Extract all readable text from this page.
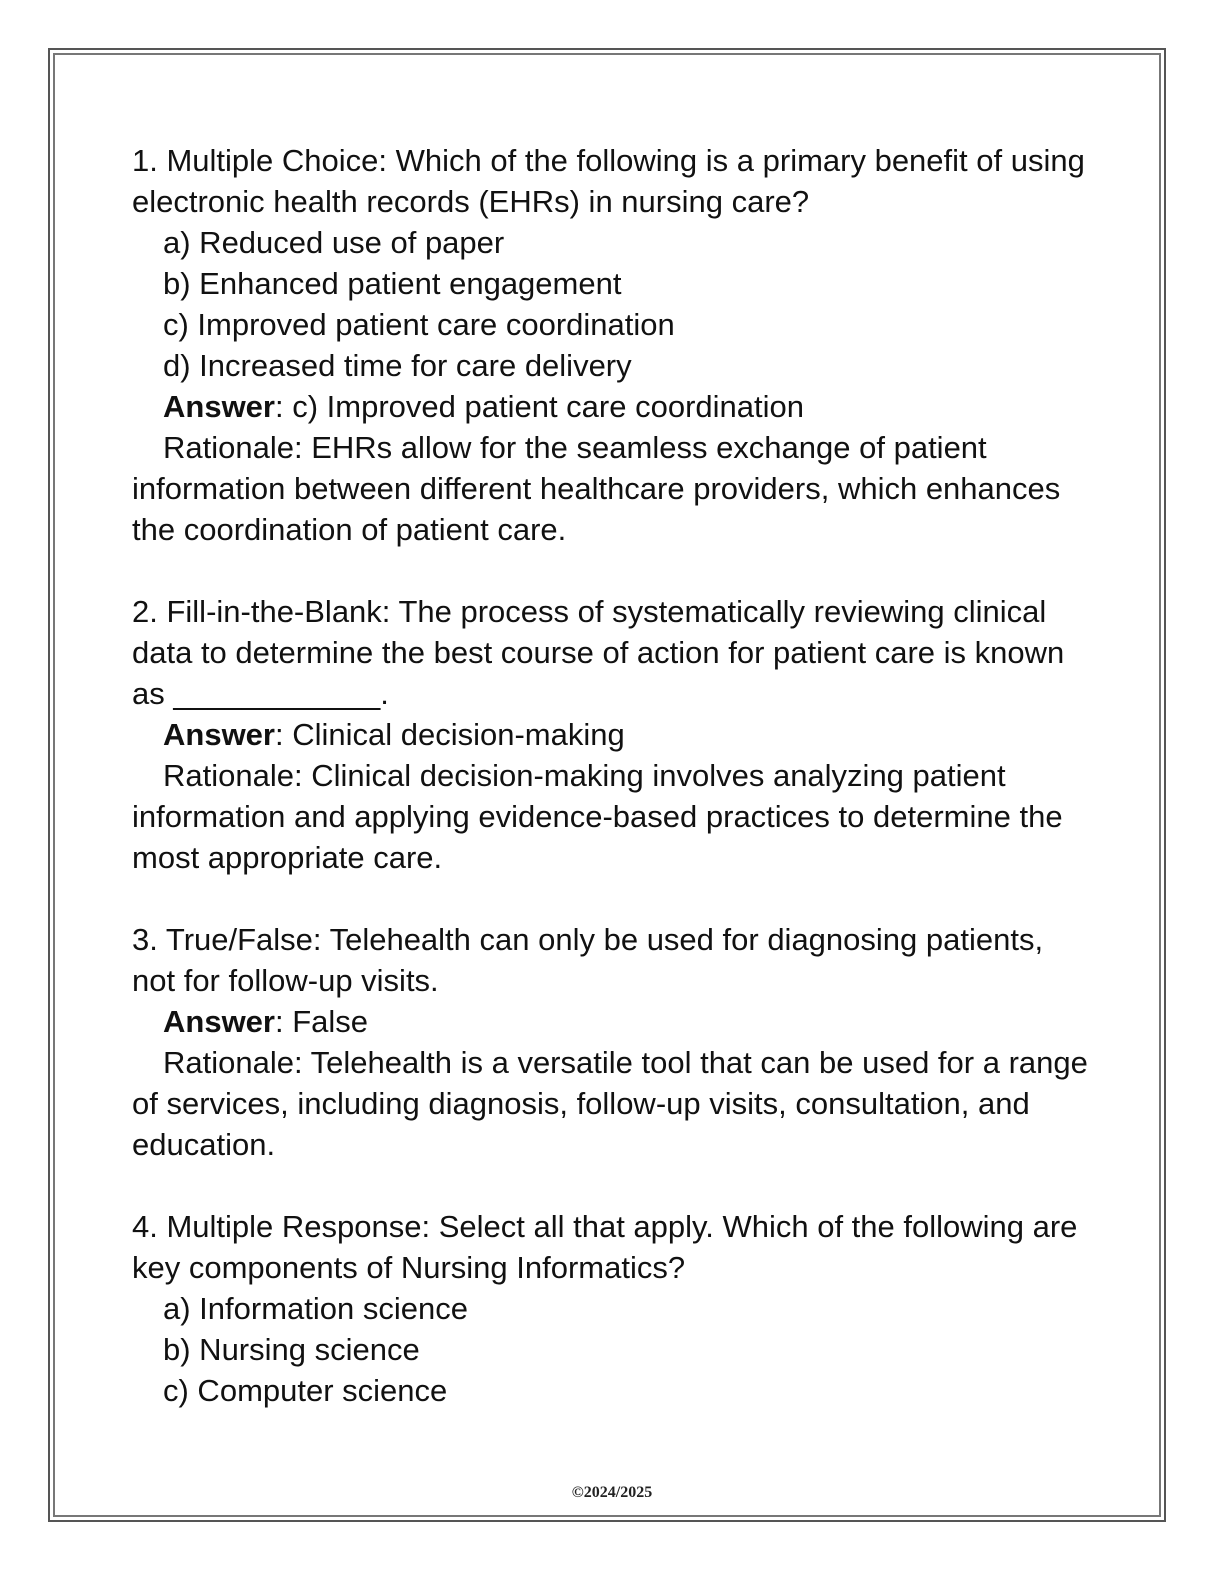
1. Multiple Choice: Which of the following is a primary benefit of using electronic health records (EHRs) in nursing care?
a) Reduced use of paper
b) Enhanced patient engagement
c) Improved patient care coordination
d) Increased time for care delivery
Answer: c) Improved patient care coordination
Rationale: EHRs allow for the seamless exchange of patient information between different healthcare providers, which enhances the coordination of patient care.
2. Fill-in-the-Blank: The process of systematically reviewing clinical data to determine the best course of action for patient care is known as ____________.
Answer: Clinical decision-making
Rationale: Clinical decision-making involves analyzing patient information and applying evidence-based practices to determine the most appropriate care.
3. True/False: Telehealth can only be used for diagnosing patients, not for follow-up visits.
Answer: False
Rationale: Telehealth is a versatile tool that can be used for a range of services, including diagnosis, follow-up visits, consultation, and education.
4. Multiple Response: Select all that apply. Which of the following are key components of Nursing Informatics?
a) Information science
b) Nursing science
c) Computer science
©2024/2025
